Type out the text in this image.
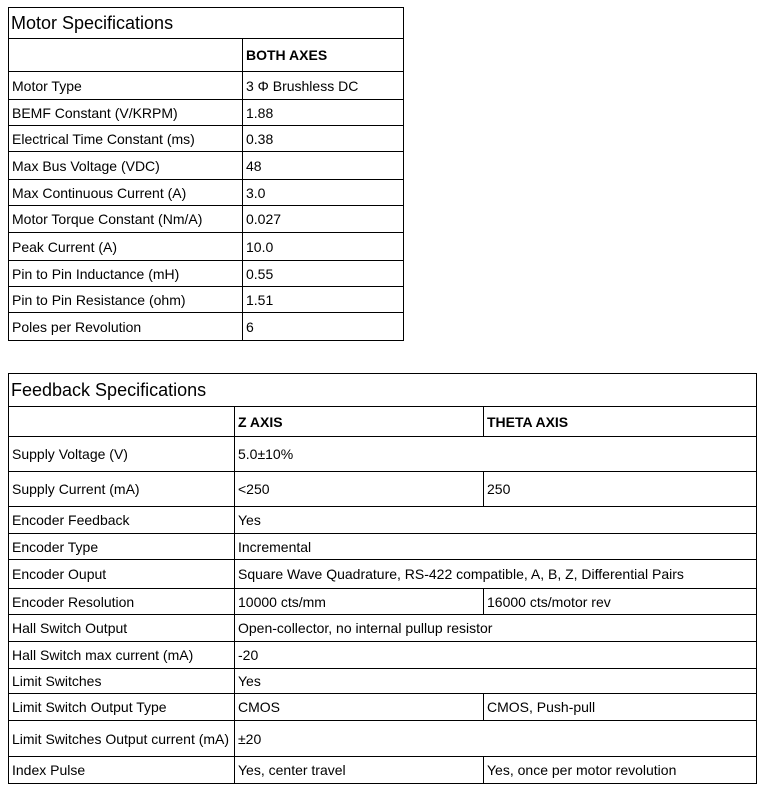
Motor Specifications	
	BOTH AXES
Motor Type	3 Φ Brushless DC
BEMF Constant (V/KRPM)	1.88
Electrical Time Constant (ms)	0.38
Max Bus Voltage (VDC)	48
Max Continuous Current (A)	3.0
Motor Torque Constant (Nm/A)	0.027
Peak Current (A)	10.0
Pin to Pin Inductance (mH)	0.55
Pin to Pin Resistance (ohm)	1.51
Poles per Revolution	6
Feedback Specifications		
	Z AXIS	THETA AXIS
Supply Voltage (V)	5.0±10%	
Supply Current (mA)	<250	250
Encoder Feedback	Yes	
Encoder Type	Incremental	
Encoder Ouput	Square Wave Quadrature, RS-422 compatible, A, B, Z, Differential Pairs	
Encoder Resolution	10000 cts/mm	16000 cts/motor rev
Hall Switch Output	Open-collector, no internal pullup resistor	
Hall Switch max current (mA)	-20	
Limit Switches	Yes	
Limit Switch Output Type	CMOS	CMOS, Push-pull
Limit Switches Output current (mA)	±20	
Index Pulse	Yes, center travel	Yes, once per motor revolution
